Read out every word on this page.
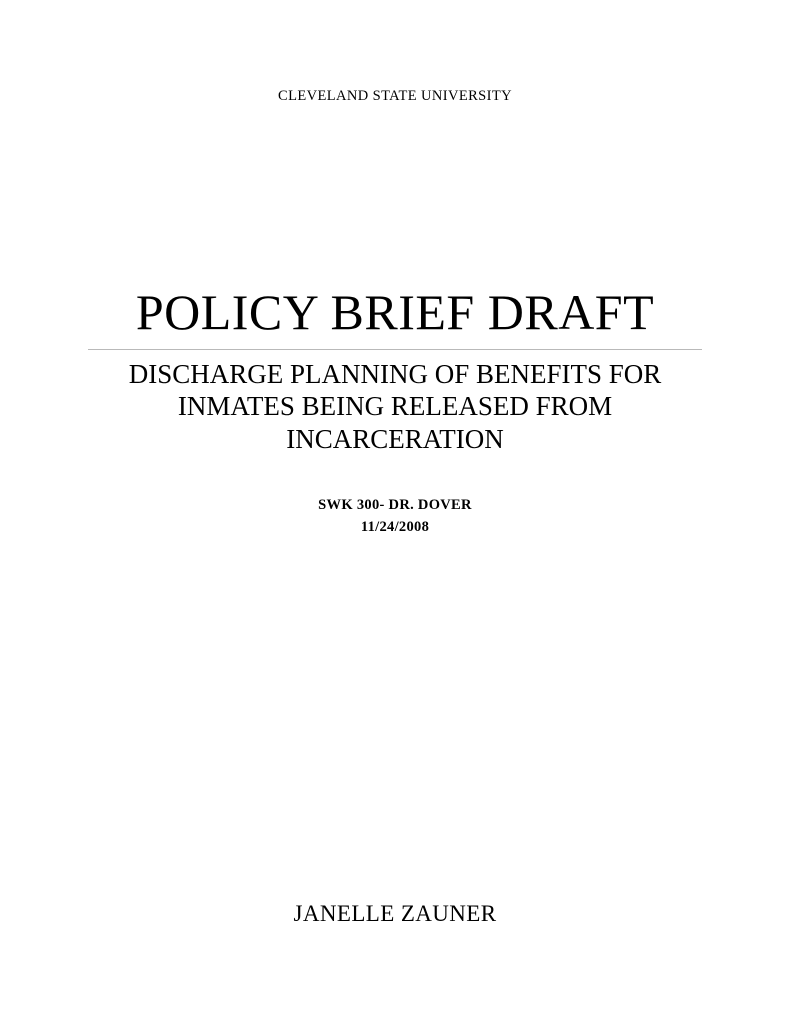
CLEVELAND STATE UNIVERSITY
POLICY BRIEF DRAFT
DISCHARGE PLANNING OF BENEFITS FOR INMATES BEING RELEASED FROM INCARCERATION
SWK 300- DR. DOVER
11/24/2008
JANELLE ZAUNER
